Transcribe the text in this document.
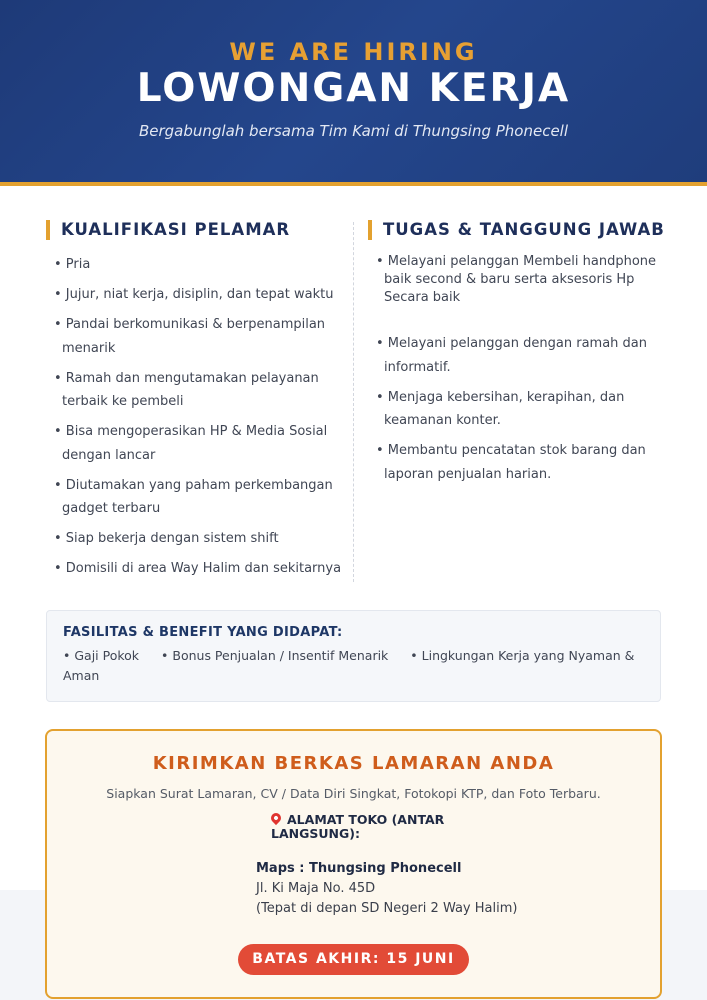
WE ARE HIRING
LOWONGAN KERJA
Bergabunglah bersama Tim Kami di Thungsing Phonecell
KUALIFIKASI PELAMAR
• Pria
• Jujur, niat kerja, disiplin, dan tepat waktu
• Pandai berkomunikasi & berpenampilan menarik
• Ramah dan mengutamakan pelayanan terbaik ke pembeli
• Bisa mengoperasikan HP & Media Sosial dengan lancar
• Diutamakan yang paham perkembangan gadget terbaru
• Siap bekerja dengan sistem shift
• Domisili di area Way Halim dan sekitarnya
TUGAS & TANGGUNG JAWAB
• Melayani pelanggan Membeli handphone baik second & baru serta aksesoris Hp Secara baik
• Melayani pelanggan dengan ramah dan informatif.
• Menjaga kebersihan, kerapihan, dan keamanan konter.
• Membantu pencatatan stok barang dan laporan penjualan harian.
FASILITAS & BENEFIT YANG DIDAPAT:
• Gaji Pokok • Bonus Penjualan / Insentif Menarik • Lingkungan Kerja yang Nyaman & Aman
KIRIMKAN BERKAS LAMARAN ANDA
Siapkan Surat Lamaran, CV / Data Diri Singkat, Fotokopi KTP, dan Foto Terbaru.
ALAMAT TOKO (ANTAR LANGSUNG):
Maps : Thungsing Phonecell
Jl. Ki Maja No. 45D
(Tepat di depan SD Negeri 2 Way Halim)
BATAS AKHIR: 15 JUNI
